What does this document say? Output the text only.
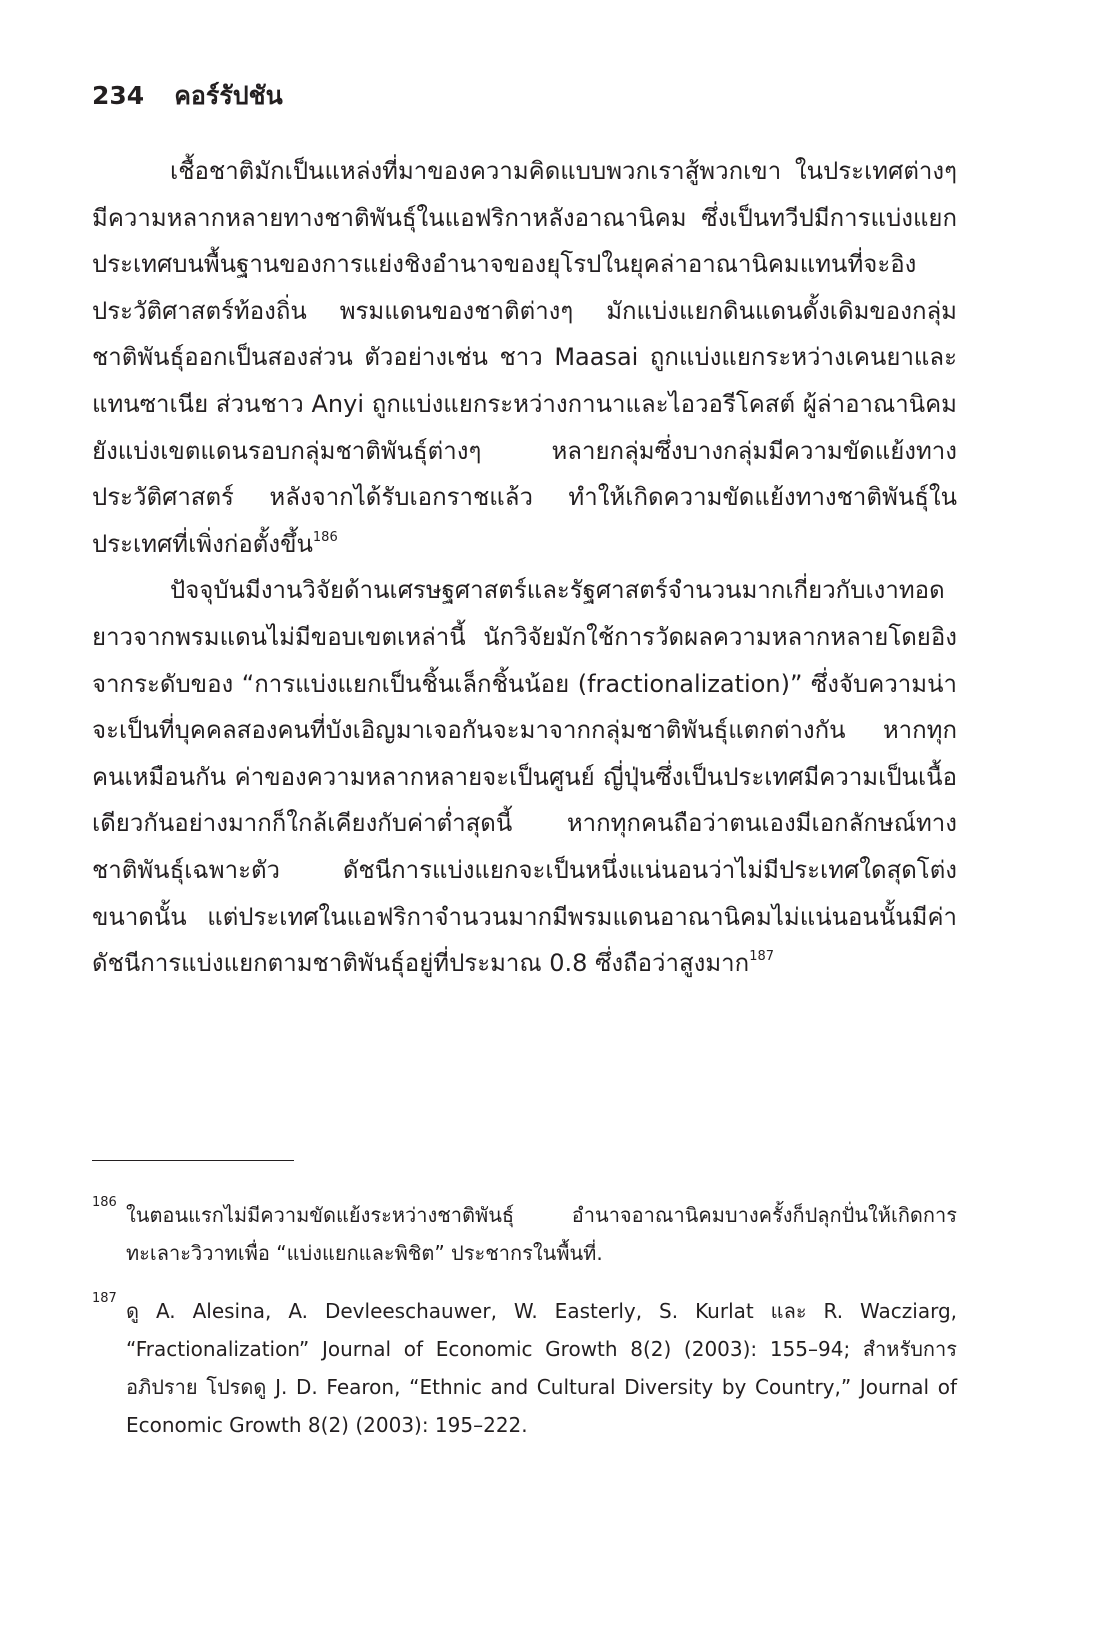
234 คอร์รัปชัน

เชื้อชาติมักเป็นแหล่งที่มาของความคิดแบบพวกเราสู้พวกเขา ในประเทศต่างๆ มีความหลากหลายทางชาติพันธุ์ในแอฟริกาหลังอาณานิคม ซึ่งเป็นทวีปมีการแบ่งแยกประเทศบนพื้นฐานของการแย่งชิงอำนาจของยุโรปในยุคล่าอาณานิคมแทนที่จะอิงประวัติศาสตร์ท้องถิ่น พรมแดนของชาติต่างๆ มักแบ่งแยกดินแดนดั้งเดิมของกลุ่มชาติพันธุ์ออกเป็นสองส่วน ตัวอย่างเช่น ชาว Maasai ถูกแบ่งแยกระหว่างเคนยาและแทนซาเนีย ส่วนชาว Anyi ถูกแบ่งแยกระหว่างกานาและไอวอรีโคสต์ ผู้ล่าอาณานิคมยังแบ่งเขตแดนรอบกลุ่มชาติพันธุ์ต่างๆ หลายกลุ่มซึ่งบางกลุ่มมีความขัดแย้งทางประวัติศาสตร์ หลังจากได้รับเอกราชแล้ว ทำให้เกิดความขัดแย้งทางชาติพันธุ์ในประเทศที่เพิ่งก่อตั้งขึ้น$^{186}$

ปัจจุบันมีงานวิจัยด้านเศรษฐศาสตร์และรัฐศาสตร์จำนวนมากเกี่ยวกับเงาทอดยาวจากพรมแดนไม่มีขอบเขตเหล่านี้ นักวิจัยมักใช้การวัดผลความหลากหลายโดยอิงจากระดับของ “การแบ่งแยกเป็นชิ้นเล็กชิ้นน้อย (fractionalization)” ซึ่งจับความน่าจะเป็นที่บุคคลสองคนที่บังเอิญมาเจอกันจะมาจากกลุ่มชาติพันธุ์แตกต่างกัน หากทุกคนเหมือนกัน ค่าของความหลากหลายจะเป็นศูนย์ ญี่ปุ่นซึ่งเป็นประเทศมีความเป็นเนื้อเดียวกันอย่างมากก็ใกล้เคียงกับค่าต่ำสุดนี้ หากทุกคนถือว่าตนเองมีเอกลักษณ์ทางชาติพันธุ์เฉพาะตัว ดัชนีการแบ่งแยกจะเป็นหนึ่งแน่นอนว่าไม่มีประเทศใดสุดโต่งขนาดนั้น แต่ประเทศในแอฟริกาจำนวนมากมีพรมแดนอาณานิคมไม่แน่นอนนั้นมีค่าดัชนีการแบ่งแยกตามชาติพันธุ์อยู่ที่ประมาณ 0.8 ซึ่งถือว่าสูงมาก$^{187}$

186
ในตอนแรกไม่มีความขัดแย้งระหว่างชาติพันธุ์ อำนาจอาณานิคมบางครั้งก็ปลุกปั่นให้เกิดการทะเลาะวิวาทเพื่อ “แบ่งแยกและพิชิต” ประชากรในพื้นที่.
187
ดู A. Alesina, A. Devleeschauwer, W. Easterly, S. Kurlat และ R. Wacziarg, “Fractionalization” Journal of Economic Growth 8(2) (2003): 155–94; สำหรับการอภิปราย โปรดดู J. D. Fearon, “Ethnic and Cultural Diversity by Country,” Journal of Economic Growth 8(2) (2003): 195–222.
